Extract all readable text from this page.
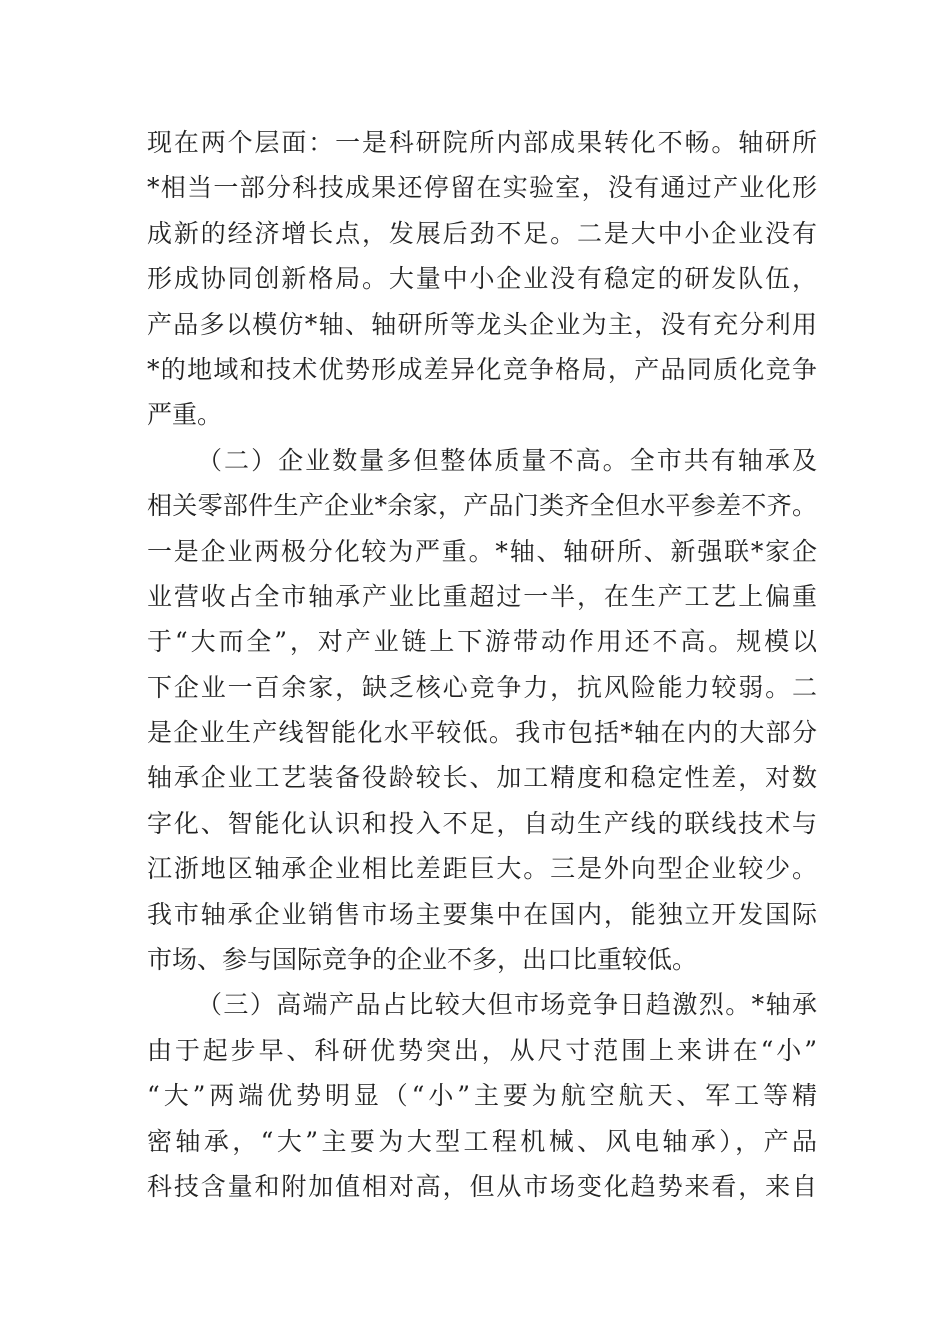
现在两个层面：一是科研院所内部成果转化不畅。轴研所
*相当一部分科技成果还停留在实验室，没有通过产业化形
成新的经济增长点，发展后劲不足。二是大中小企业没有
形成协同创新格局。大量中小企业没有稳定的研发队伍，
产品多以模仿*轴、轴研所等龙头企业为主，没有充分利用
*的地域和技术优势形成差异化竞争格局，产品同质化竞争
严重。
（二）企业数量多但整体质量不高。全市共有轴承及
相关零部件生产企业*余家，产品门类齐全但水平参差不齐。
一是企业两极分化较为严重。*轴、轴研所、新强联*家企
业营收占全市轴承产业比重超过一半，在生产工艺上偏重
于“大而全”，对产业链上下游带动作用还不高。规模以
下企业一百余家，缺乏核心竞争力，抗风险能力较弱。二
是企业生产线智能化水平较低。我市包括*轴在内的大部分
轴承企业工艺装备役龄较长、加工精度和稳定性差，对数
字化、智能化认识和投入不足，自动生产线的联线技术与
江浙地区轴承企业相比差距巨大。三是外向型企业较少。
我市轴承企业销售市场主要集中在国内，能独立开发国际
市场、参与国际竞争的企业不多，出口比重较低。
（三）高端产品占比较大但市场竞争日趋激烈。*轴承
由于起步早、科研优势突出，从尺寸范围上来讲在“小”
“大”两端优势明显（“小”主要为航空航天、军工等精
密轴承，“大”主要为大型工程机械、风电轴承），产品
科技含量和附加值相对高，但从市场变化趋势来看，来自
